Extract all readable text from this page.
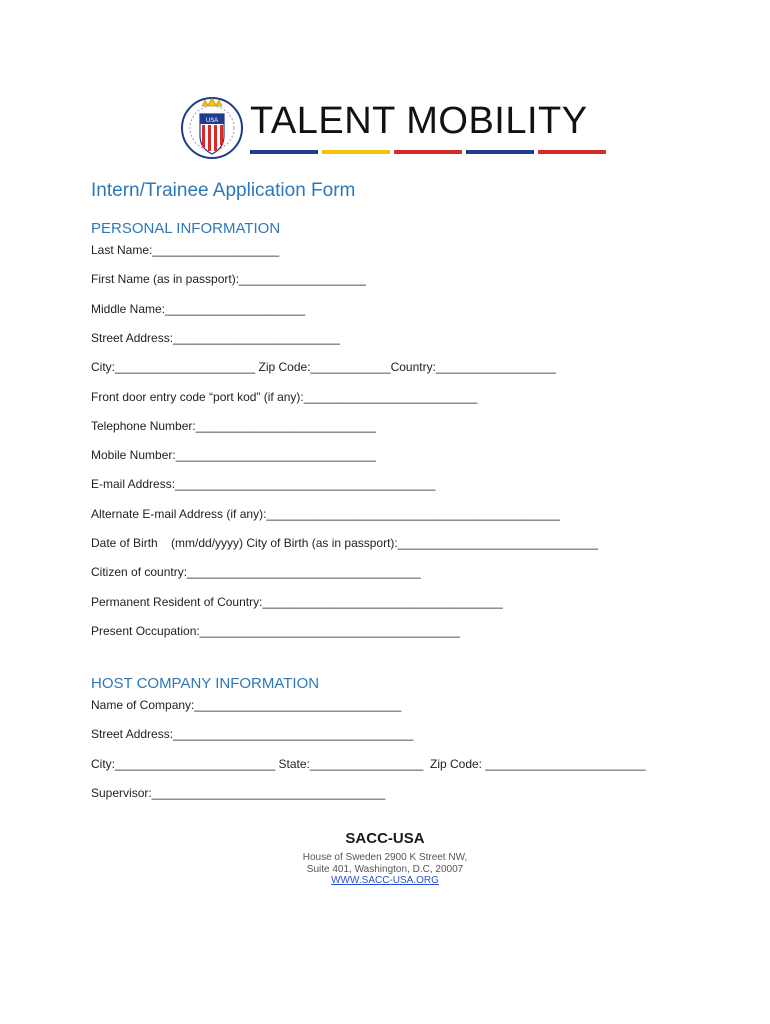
USA TALENT MOBILITY
Intern/Trainee Application Form
PERSONAL INFORMATION
Last Name:___________________
First Name (as in passport):___________________
Middle Name:_____________________
Street Address:_________________________
City:_____________________ Zip Code:____________Country:__________________
Front door entry code “port kod” (if any):__________________________
Telephone Number:___________________________
Mobile Number:______________________________
E-mail Address:_______________________________________
Alternate E-mail Address (if any):____________________________________________
Date of Birth    (mm/dd/yyyy) City of Birth (as in passport):______________________________
Citizen of country:___________________________________
Permanent Resident of Country:____________________________________
Present Occupation:_______________________________________
HOST COMPANY INFORMATION
Name of Company:_______________________________
Street Address:____________________________________
City:________________________ State:_________________  Zip Code: ________________________
Supervisor:___________________________________
SACC-USA
House of Sweden 2900 K Street NW,
Suite 401, Washington, D.C, 20007
WWW.SACC-USA.ORG
